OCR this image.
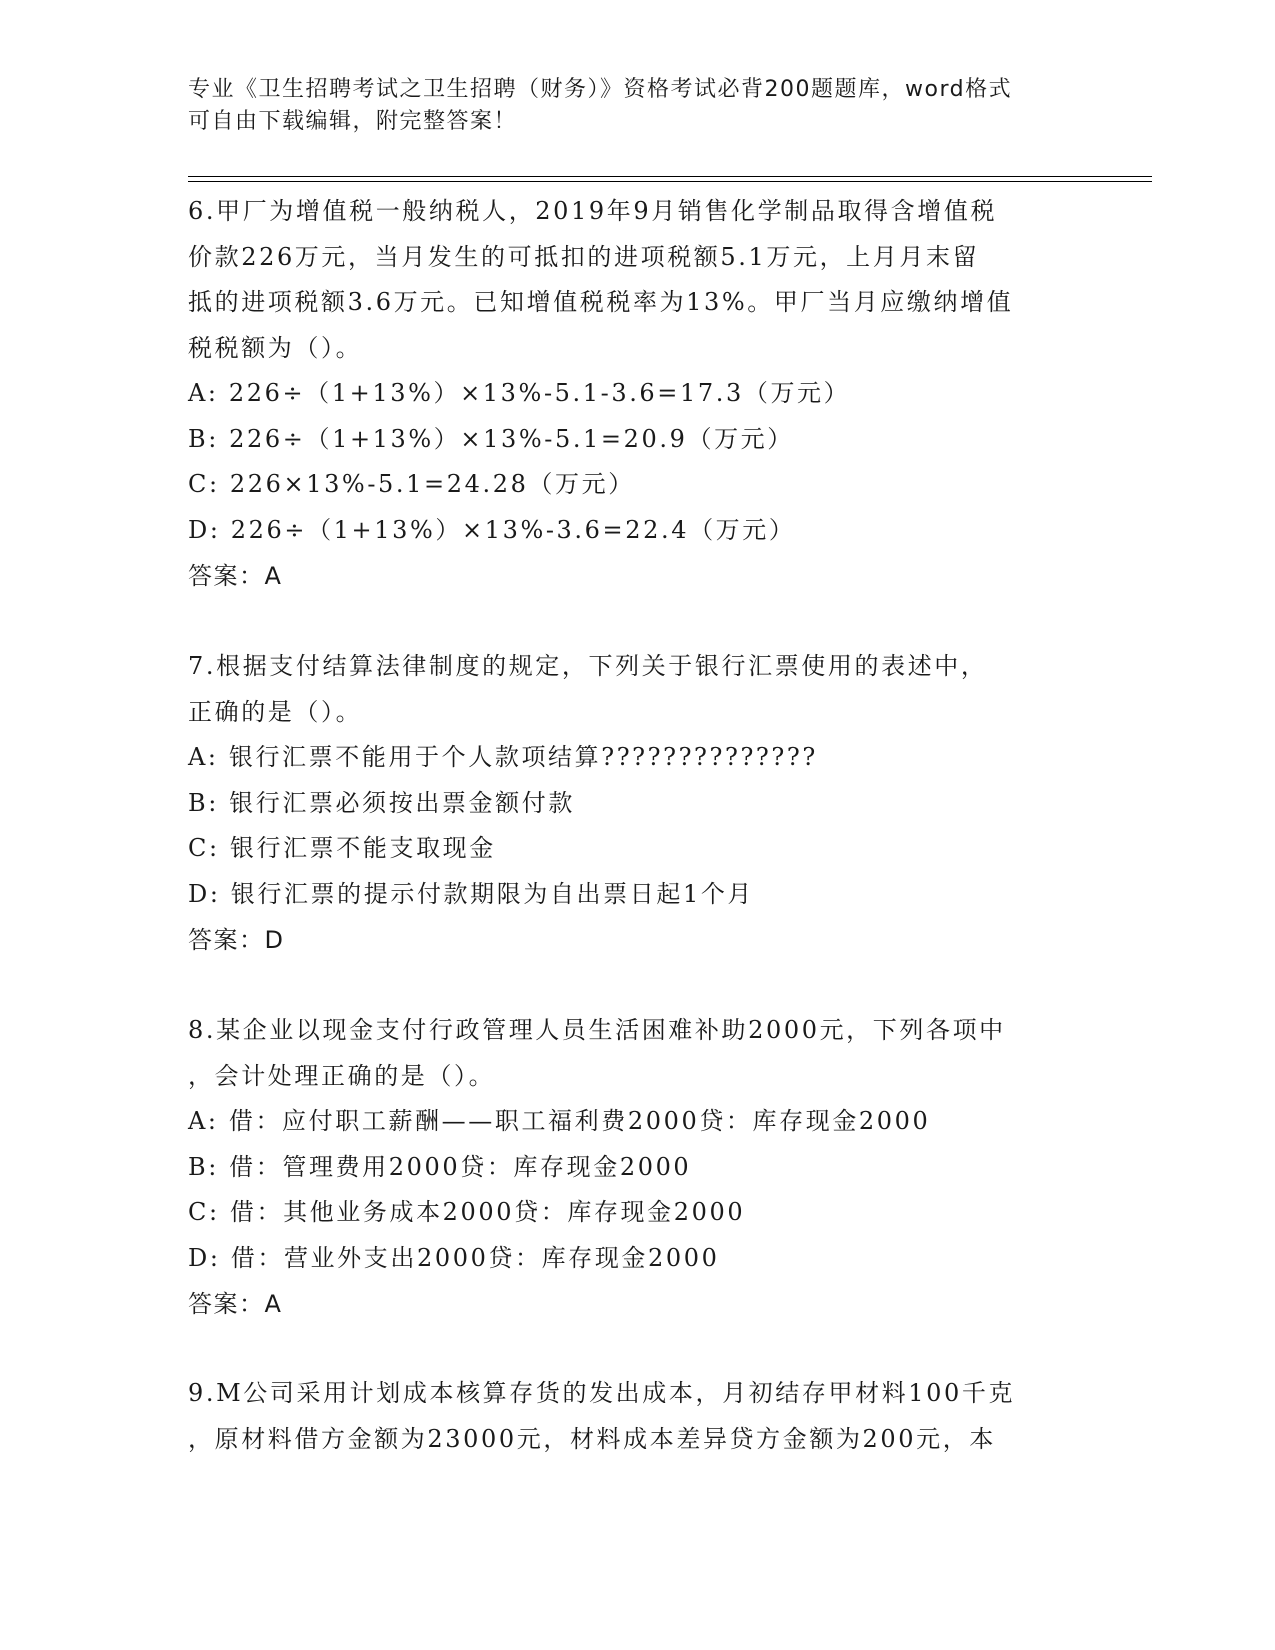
专业《卫生招聘考试之卫生招聘（财务）》资格考试必背200题题库，word格式
可自由下载编辑，附完整答案！
6.甲厂为增值税一般纳税人，2019年9月销售化学制品取得含增值税
价款226万元，当月发生的可抵扣的进项税额5.1万元，上月月末留
抵的进项税额3.6万元。已知增值税税率为13%。甲厂当月应缴纳增值
税税额为（）。
A: 226÷（1+13%）×13%-5.1-3.6=17.3（万元）
B: 226÷（1+13%）×13%-5.1=20.9（万元）
C: 226×13%-5.1=24.28（万元）
D: 226÷（1+13%）×13%-3.6=22.4（万元）
答案：A
7.根据支付结算法律制度的规定，下列关于银行汇票使用的表述中，
正确的是（）。
A: 银行汇票不能用于个人款项结算??????????????
B: 银行汇票必须按出票金额付款
C: 银行汇票不能支取现金
D: 银行汇票的提示付款期限为自出票日起1个月
答案：D
8.某企业以现金支付行政管理人员生活困难补助2000元，下列各项中
，会计处理正确的是（）。
A: 借：应付职工薪酬——职工福利费2000贷：库存现金2000
B: 借：管理费用2000贷：库存现金2000
C: 借：其他业务成本2000贷：库存现金2000
D: 借：营业外支出2000贷：库存现金2000
答案：A
9.M公司采用计划成本核算存货的发出成本，月初结存甲材料100千克
，原材料借方金额为23000元，材料成本差异贷方金额为200元，本
